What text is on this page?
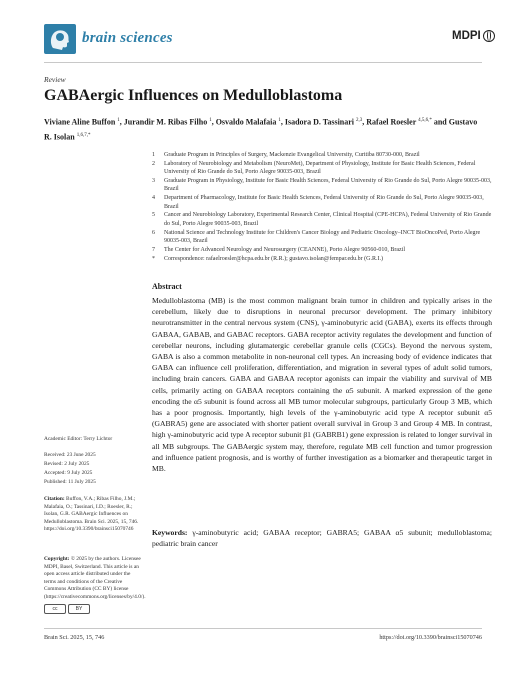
brain sciences	MDPI
Review
GABAergic Influences on Medulloblastoma
Viviane Aline Buffon $^1$, Jurandir M. Ribas Filho $^1$, Osvaldo Malafaia $^1$, Isadora D. Tassinari $^{2,3}$, Rafael Roesler $^{4,5,6,*}$ and Gustavo R. Isolan $^{1,6,7,*}$
1	Graduate Program in Principles of Surgery, Mackenzie Evangelical University, Curitiba 80730-000, Brazil
2	Laboratory of Neurobiology and Metabolism (NeuroMet), Department of Physiology, Institute for Basic Health Sciences, Federal University of Rio Grande do Sul, Porto Alegre 90035-003, Brazil
3	Graduate Program in Physiology, Institute for Basic Health Sciences, Federal University of Rio Grande do Sul, Porto Alegre 90035-003, Brazil
4	Department of Pharmacology, Institute for Basic Health Sciences, Federal University of Rio Grande do Sul, Porto Alegre 90035-003, Brazil
5	Cancer and Neurobiology Laboratory, Experimental Research Center, Clinical Hospital (CPE-HCPA), Federal University of Rio Grande do Sul, Porto Alegre 90035-003, Brazil
6	National Science and Technology Institute for Children's Cancer Biology and Pediatric Oncology–INCT BioOncoPed, Porto Alegre 90035-003, Brazil
7	The Center for Advanced Neurology and Neurosurgery (CEANNE), Porto Alegre 90560-010, Brazil
*	Correspondence: rafaelroesler@hcpa.edu.br (R.R.); gustavo.isolan@fempar.edu.br (G.R.I.)
Academic Editor: Terry Lichtor
Received: 23 June 2025
Revised: 2 July 2025
Accepted: 9 July 2025
Published: 11 July 2025
Citation: Buffon, V.A.; Ribas Filho, J.M.; Malafaia, O.; Tassinari, I.D.; Roesler, R.; Isolan, G.R. GABAergic Influences on Medulloblastoma. Brain Sci. 2025, 15, 746. https://doi.org/10.3390/brainsci15070746
Copyright: © 2025 by the authors. Licensee MDPI, Basel, Switzerland. This article is an open access article distributed under the terms and conditions of the Creative Commons Attribution (CC BY) license (https://creativecommons.org/licenses/by/4.0/).
cc	BY
Abstract
Medulloblastoma (MB) is the most common malignant brain tumor in children and typically arises in the cerebellum, likely due to disruptions in neuronal precursor development. The primary inhibitory neurotransmitter in the central nervous system (CNS), γ-aminobutyric acid (GABA), exerts its effects through GABAA, GABAB, and GABAC receptors. GABA receptor activity regulates the development and function of cerebellar neurons, including glutamatergic cerebellar granule cells (CGCs). Beyond the nervous system, GABA is also a common metabolite in non-neuronal cell types. An increasing body of evidence indicates that GABA can influence cell proliferation, differentiation, and migration in several types of adult solid tumors, including brain cancers. GABA and GABAA receptor agonists can impair the viability and survival of MB cells, primarily acting on GABAA receptors containing the α5 subunit. A marked expression of the gene encoding the α5 subunit is found across all MB tumor molecular subgroups, particularly Group 3 MB, which has a poor prognosis. Importantly, high levels of the γ-aminobutyric acid type A receptor subunit α5 (GABRA5) gene are associated with shorter patient overall survival in Group 3 and Group 4 MB. In contrast, high γ-aminobutyric acid type A receptor subunit β1 (GABRB1) gene expression is related to longer survival in all MB subgroups. The GABAergic system may, therefore, regulate MB cell function and tumor progression and influence patient prognosis, and is worthy of further investigation as a biomarker and therapeutic target in MB.
Keywords: γ-aminobutyric acid; GABAA receptor; GABRA5; GABAA α5 subunit; medulloblastoma; pediatric brain cancer
Brain Sci. 2025, 15, 746	https://doi.org/10.3390/brainsci15070746
